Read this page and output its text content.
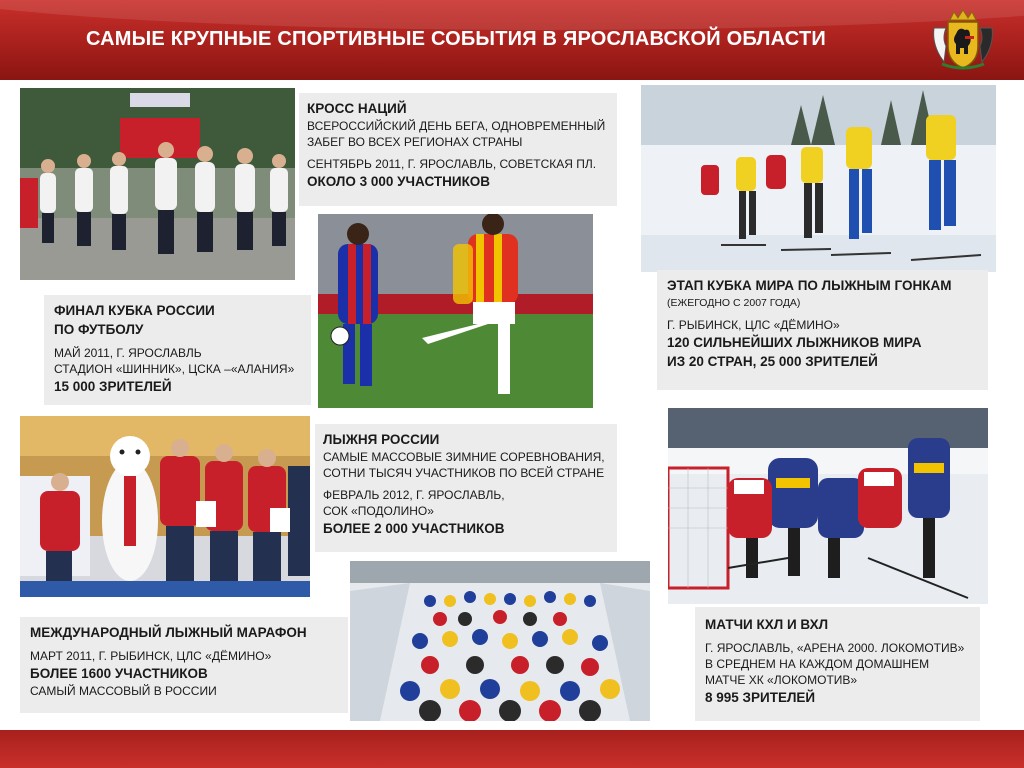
САМЫЕ КРУПНЫЕ СПОРТИВНЫЕ СОБЫТИЯ В ЯРОСЛАВСКОЙ ОБЛАСТИ
КРОСС НАЦИЙ
ВСЕРОССИЙСКИЙ ДЕНЬ БЕГА, ОДНОВРЕМЕННЫЙ
ЗАБЕГ ВО ВСЕХ РЕГИОНАХ СТРАНЫ
СЕНТЯБРЬ 2011, Г. ЯРОСЛАВЛЬ, СОВЕТСКАЯ ПЛ.
ОКОЛО 3 000 УЧАСТНИКОВ
ЭТАП КУБКА МИРА ПО ЛЫЖНЫМ ГОНКАМ
(ЕЖЕГОДНО С 2007 ГОДА)
Г. РЫБИНСК, ЦЛС «ДЁМИНО»
120 СИЛЬНЕЙШИХ ЛЫЖНИКОВ МИРА
ИЗ 20 СТРАН, 25 000 ЗРИТЕЛЕЙ
ФИНАЛ КУБКА РОССИИ
ПО ФУТБОЛУ
МАЙ 2011, Г. ЯРОСЛАВЛЬ
СТАДИОН «ШИННИК», ЦСКА –«АЛАНИЯ»
15 000 ЗРИТЕЛЕЙ
ЛЫЖНЯ РОССИИ
САМЫЕ МАССОВЫЕ ЗИМНИЕ СОРЕВНОВАНИЯ,
СОТНИ ТЫСЯЧ УЧАСТНИКОВ ПО ВСЕЙ СТРАНЕ
ФЕВРАЛЬ 2012, Г. ЯРОСЛАВЛЬ,
СОК «ПОДОЛИНО»
БОЛЕЕ 2 000 УЧАСТНИКОВ
МЕЖДУНАРОДНЫЙ ЛЫЖНЫЙ МАРАФОН
МАРТ 2011, Г. РЫБИНСК, ЦЛС «ДЁМИНО»
БОЛЕЕ 1600 УЧАСТНИКОВ
САМЫЙ МАССОВЫЙ В РОССИИ
МАТЧИ КХЛ И ВХЛ
Г. ЯРОСЛАВЛЬ, «АРЕНА 2000. ЛОКОМОТИВ»
В СРЕДНЕМ НА КАЖДОМ ДОМАШНЕМ
МАТЧЕ ХК «ЛОКОМОТИВ»
8 995 ЗРИТЕЛЕЙ
